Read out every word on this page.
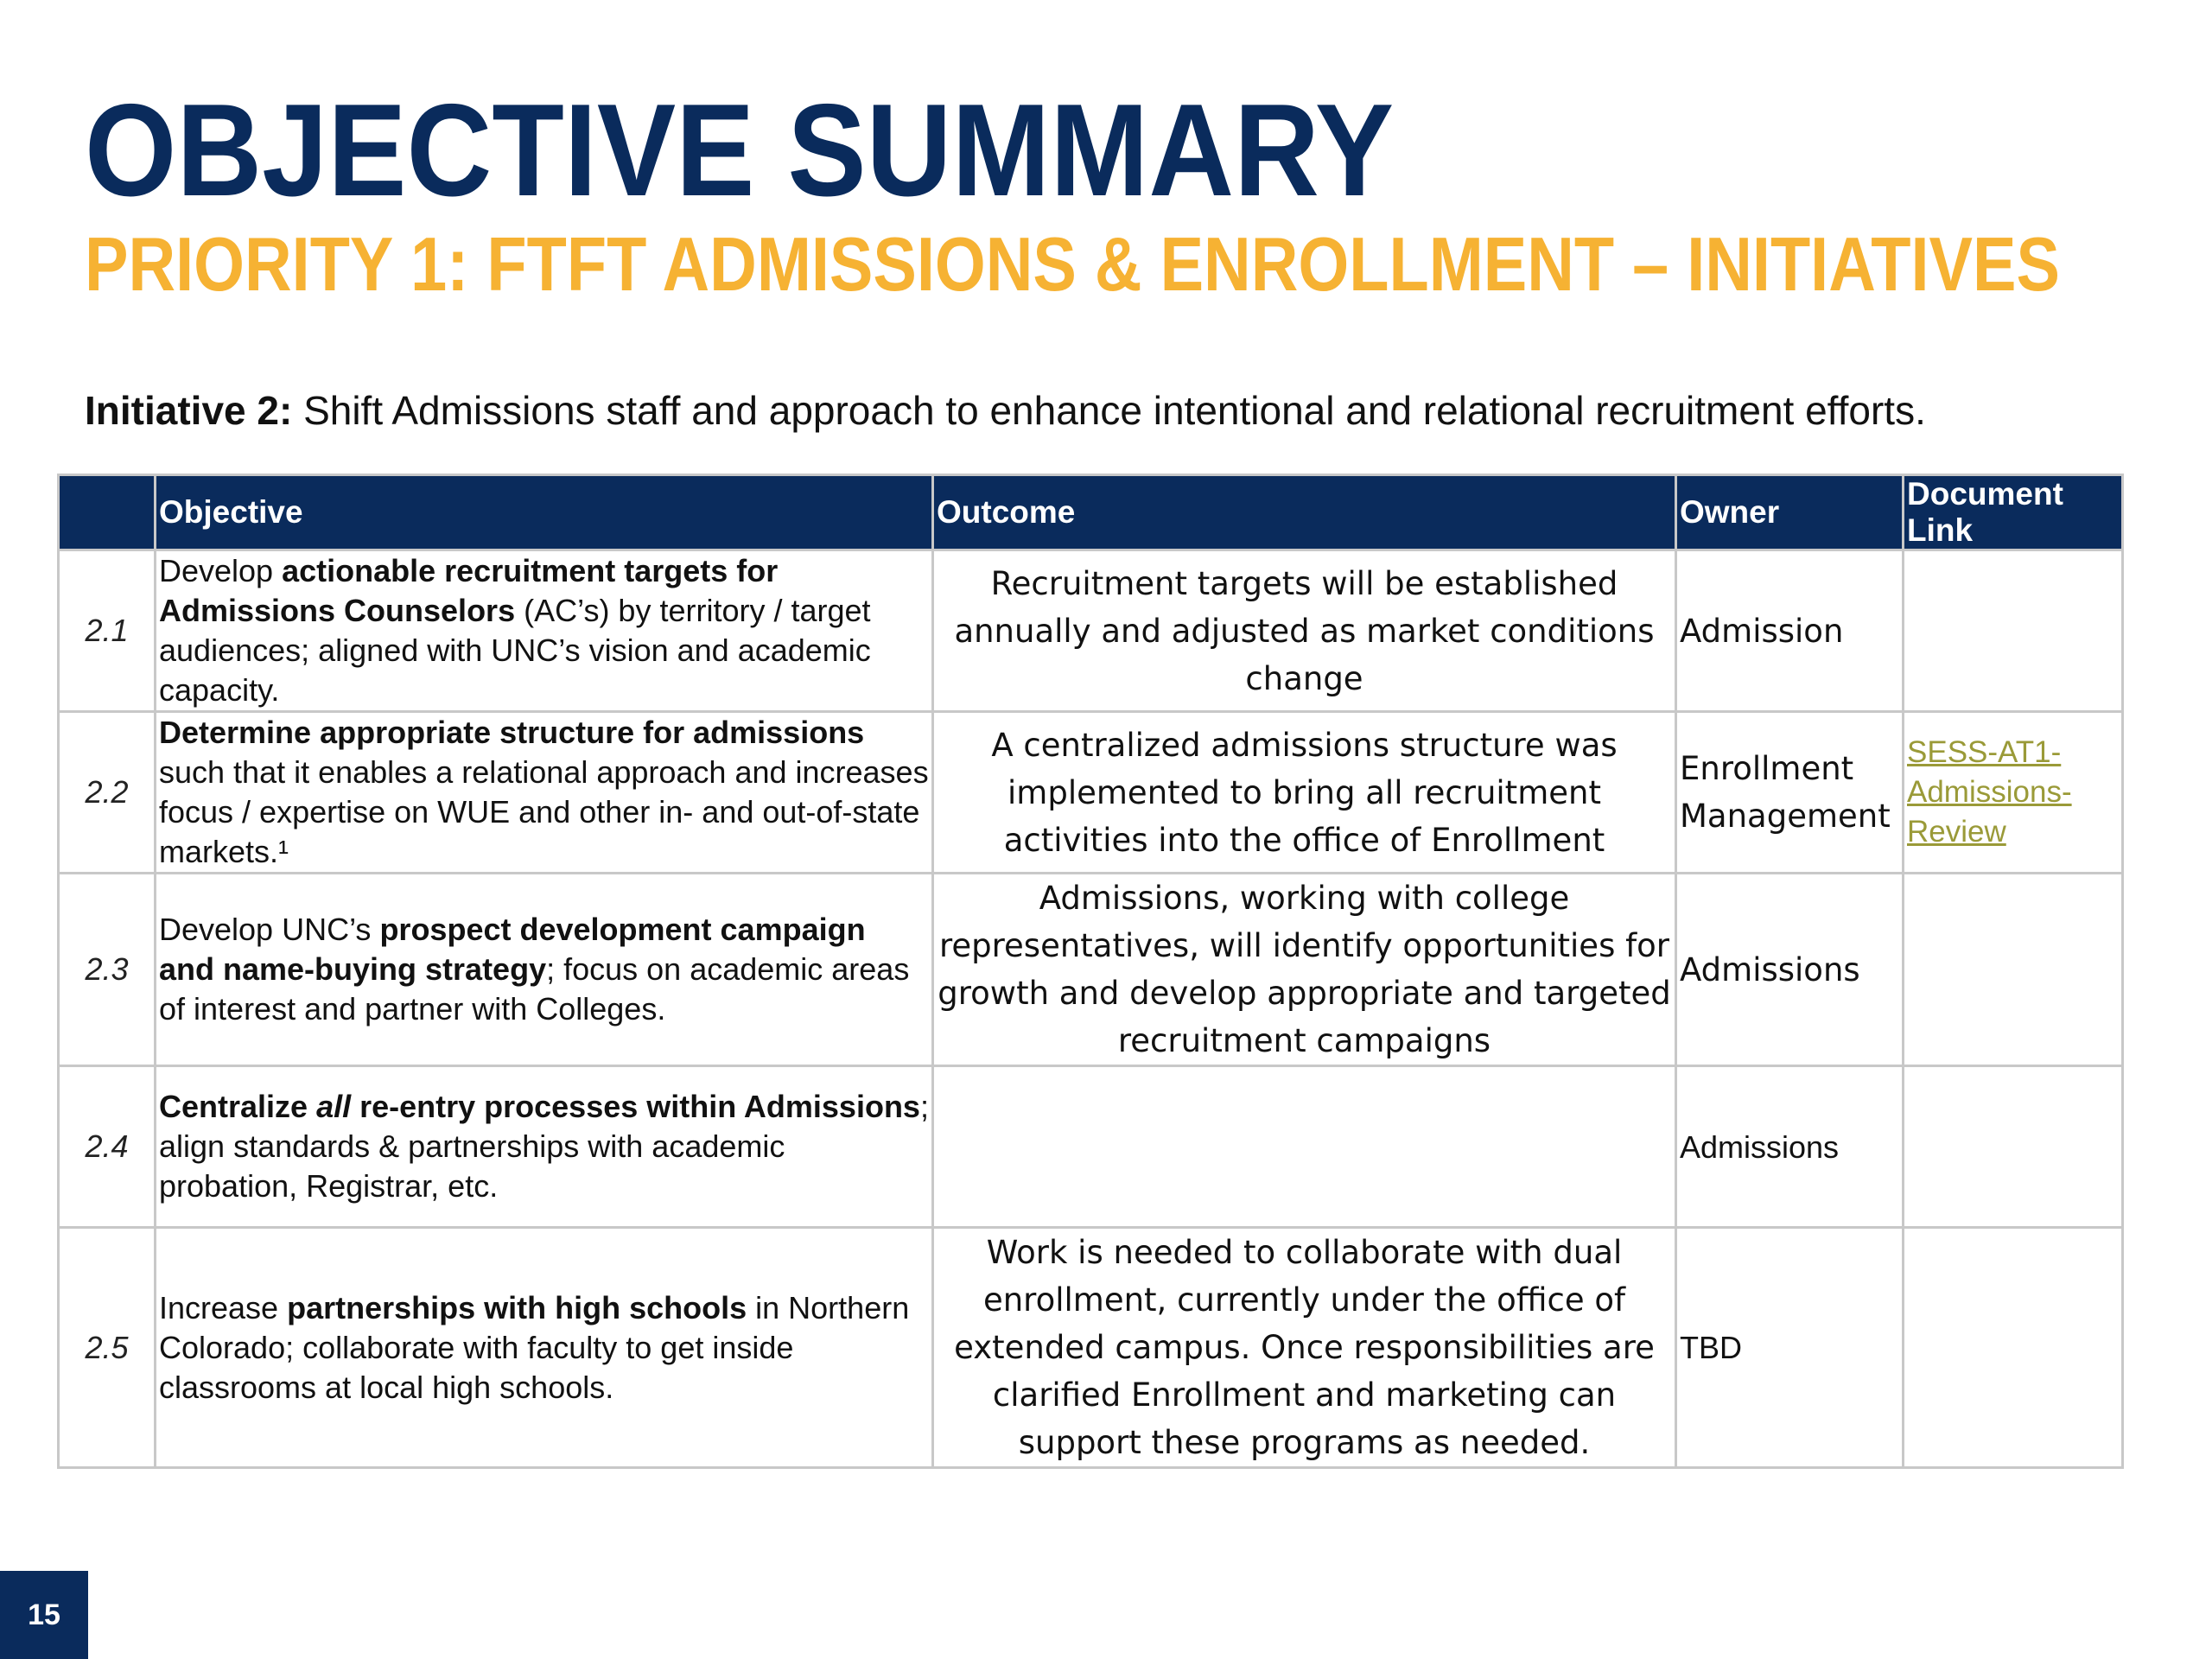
OBJECTIVE SUMMARY
PRIORITY 1: FTFT ADMISSIONS & ENROLLMENT – INITIATIVES
Initiative 2: Shift Admissions staff and approach to enhance intentional and relational recruitment efforts.
	Objective	Outcome	Owner	Document Link
2.1	Develop actionable recruitment targets for Admissions Counselors (AC’s) by territory / target audiences; aligned with UNC’s vision and academic capacity.	Recruitment targets will be established annually and adjusted as market conditions change	Admission	
2.2	Determine appropriate structure for admissions such that it enables a relational approach and increases focus / expertise on WUE and other in- and out-of-state markets.¹	A centralized admissions structure was implemented to bring all recruitment activities into the office of Enrollment	Enrollment Management	SESS-AT1-Admissions-Review
2.3	Develop UNC’s prospect development campaign and name-buying strategy; focus on academic areas of interest and partner with Colleges.	Admissions, working with college representatives, will identify opportunities for growth and develop appropriate and targeted recruitment campaigns	Admissions	
2.4	Centralize all re-entry processes within Admissions; align standards & partnerships with academic probation, Registrar, etc.		Admissions	
2.5	Increase partnerships with high schools in Northern Colorado; collaborate with faculty to get inside classrooms at local high schools.	Work is needed to collaborate with dual enrollment, currently under the office of extended campus. Once responsibilities are clarified Enrollment and marketing can support these programs as needed.	TBD	
15
